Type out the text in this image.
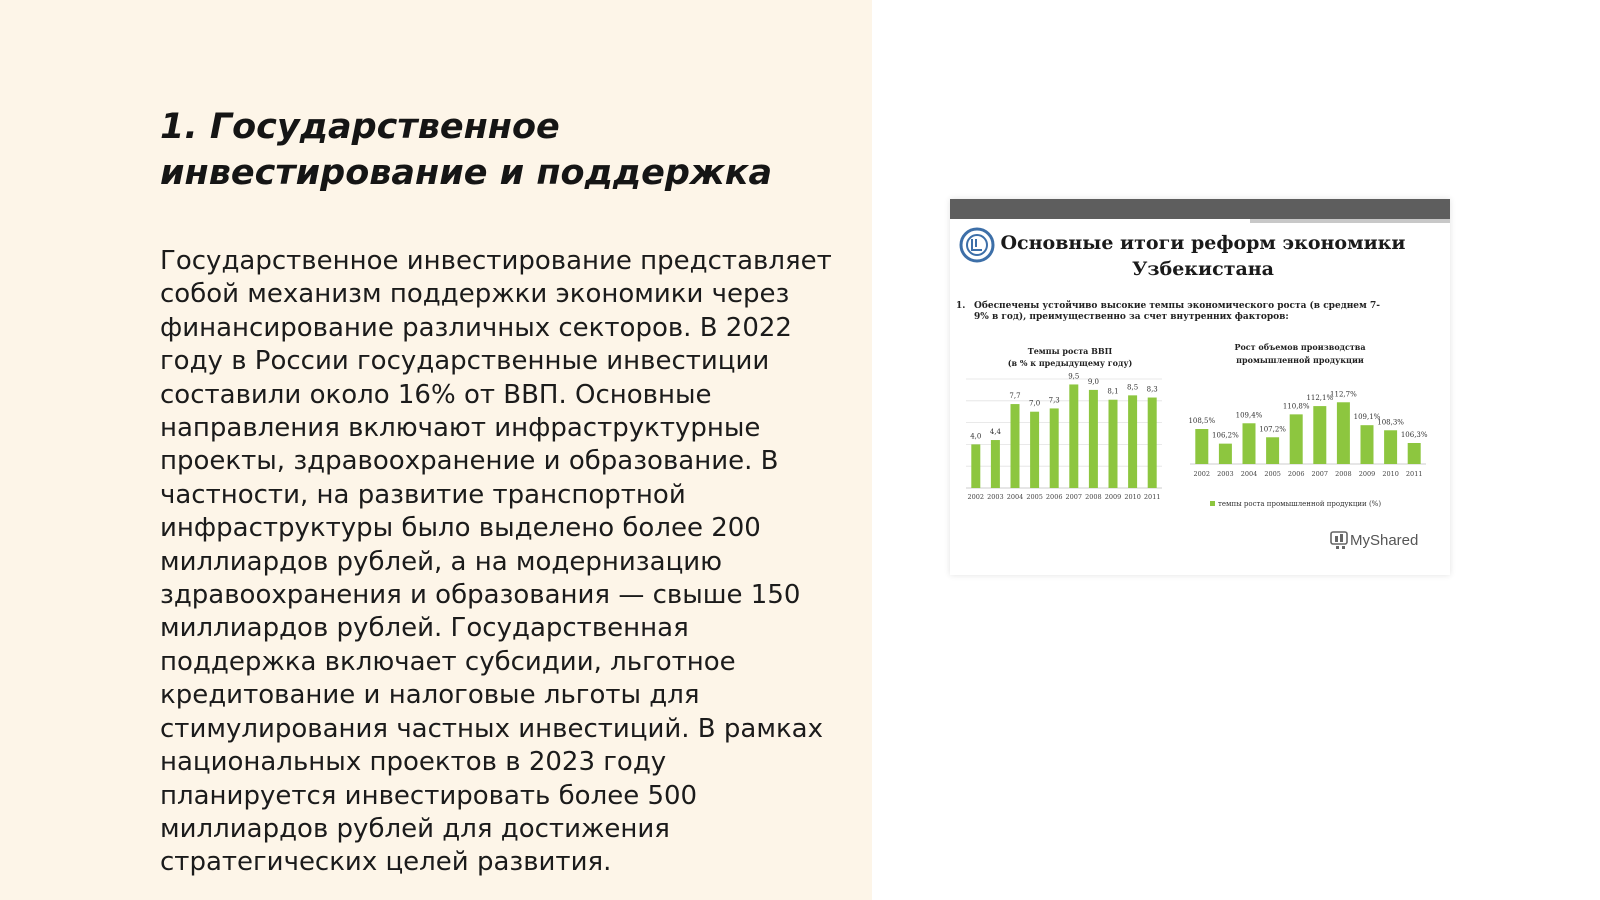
1. Государственное инвестирование и поддержка

Государственное инвестирование представляет собой механизм поддержки экономики через финансирование различных секторов. В 2022 году в России государственные инвестиции составили около 16% от ВВП. Основные направления включают инфраструктурные проекты, здравоохранение и образование. В частности, на развитие транспортной инфраструктуры было выделено более 200 миллиардов рублей, а на модернизацию здравоохранения и образования — свыше 150 миллиардов рублей. Государственная поддержка включает субсидии, льготное кредитование и налоговые льготы для стимулирования частных инвестиций. В рамках национальных проектов в 2023 году планируется инвестировать более 500 миллиардов рублей для достижения стратегических целей развития.

Основные итоги реформ экономики
Узбекистана
1. Обеспечены устойчиво высокие темпы экономического роста (в среднем 7-
9% в год), преимущественно за счет внутренних факторов:
Темпы роста ВВП
(в % к предыдущему году)
4,0
2002
4,4
2003
7,7
2004
7,0
2005
7,3
2006
9,5
2007
9,0
2008
8,1
2009
8,5
2010
8,3
2011
Рост объемов производства
промышленной продукции
108,5%
2002
106,2%
2003
109,4%
2004
107,2%
2005
110,8%
2006
112,1%
2007
112,7%
2008
109,1%
2009
108,3%
2010
106,3%
2011
темпы роста промышленной продукции (%)
MyShared
